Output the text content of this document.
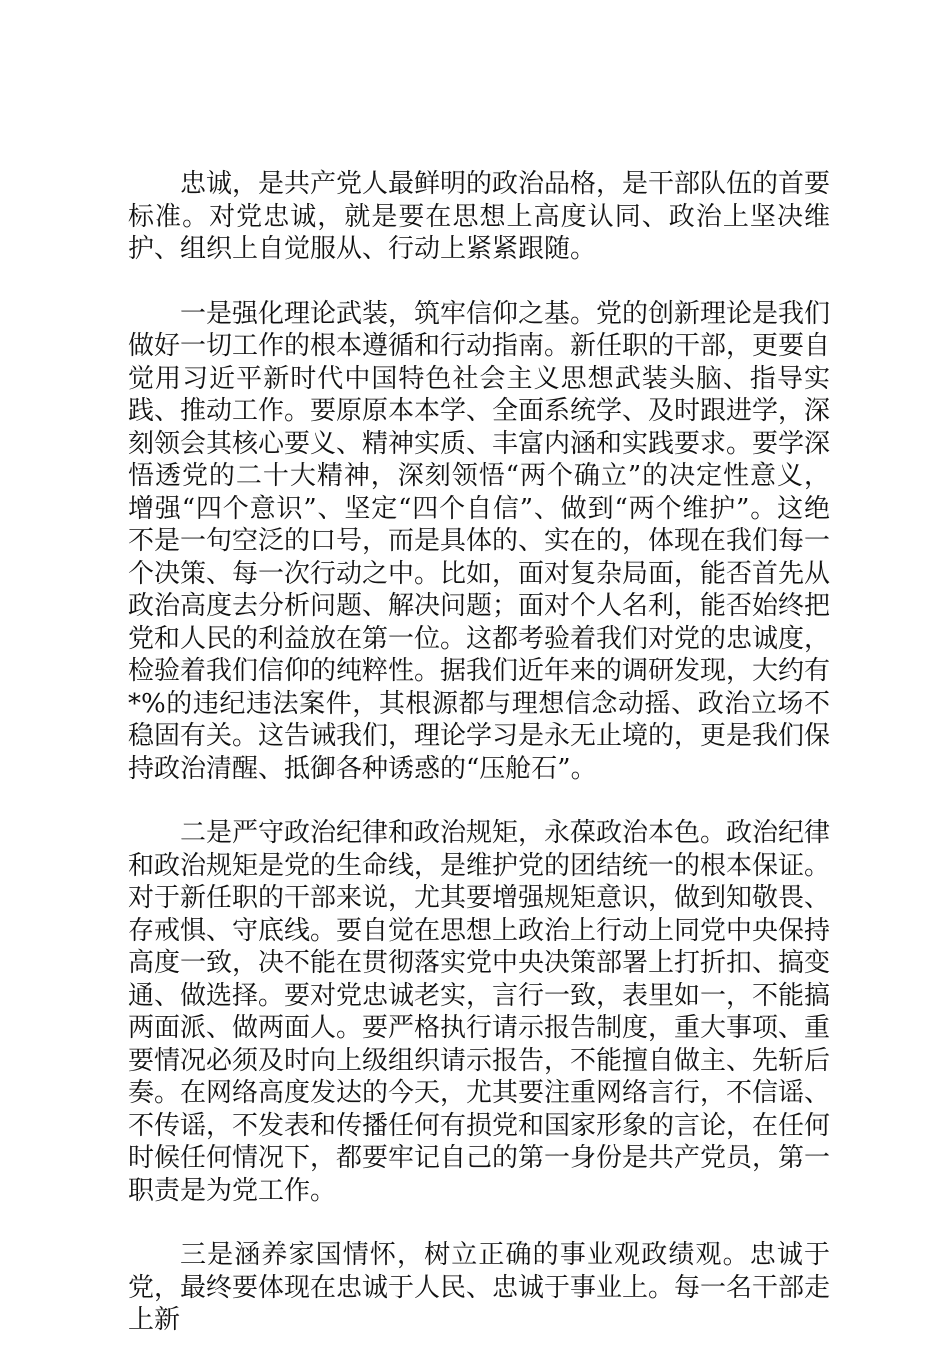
忠诚，是共产党人最鲜明的政治品格，是干部队伍的首要标准。对党忠诚，就是要在思想上高度认同、政治上坚决维护、组织上自觉服从、行动上紧紧跟随。

一是强化理论武装，筑牢信仰之基。党的创新理论是我们做好一切工作的根本遵循和行动指南。新任职的干部，更要自觉用习近平新时代中国特色社会主义思想武装头脑、指导实践、推动工作。要原原本本学、全面系统学、及时跟进学，深刻领会其核心要义、精神实质、丰富内涵和实践要求。要学深悟透党的二十大精神，深刻领悟“两个确立”的决定性意义，增强“四个意识”、坚定“四个自信”、做到“两个维护”。这绝不是一句空泛的口号，而是具体的、实在的，体现在我们每一个决策、每一次行动之中。比如，面对复杂局面，能否首先从政治高度去分析问题、解决问题；面对个人名利，能否始终把党和人民的利益放在第一位。这都考验着我们对党的忠诚度，检验着我们信仰的纯粹性。据我们近年来的调研发现，大约有*%的违纪违法案件，其根源都与理想信念动摇、政治立场不稳固有关。这告诫我们，理论学习是永无止境的，更是我们保持政治清醒、抵御各种诱惑的“压舱石”。

二是严守政治纪律和政治规矩，永葆政治本色。政治纪律和政治规矩是党的生命线，是维护党的团结统一的根本保证。对于新任职的干部来说，尤其要增强规矩意识，做到知敬畏、存戒惧、守底线。要自觉在思想上政治上行动上同党中央保持高度一致，决不能在贯彻落实党中央决策部署上打折扣、搞变通、做选择。要对党忠诚老实，言行一致，表里如一，不能搞两面派、做两面人。要严格执行请示报告制度，重大事项、重要情况必须及时向上级组织请示报告，不能擅自做主、先斩后奏。在网络高度发达的今天，尤其要注重网络言行，不信谣、不传谣，不发表和传播任何有损党和国家形象的言论，在任何时候任何情况下，都要牢记自己的第一身份是共产党员，第一职责是为党工作。

三是涵养家国情怀，树立正确的事业观政绩观。忠诚于党，最终要体现在忠诚于人民、忠诚于事业上。每一名干部走上新
